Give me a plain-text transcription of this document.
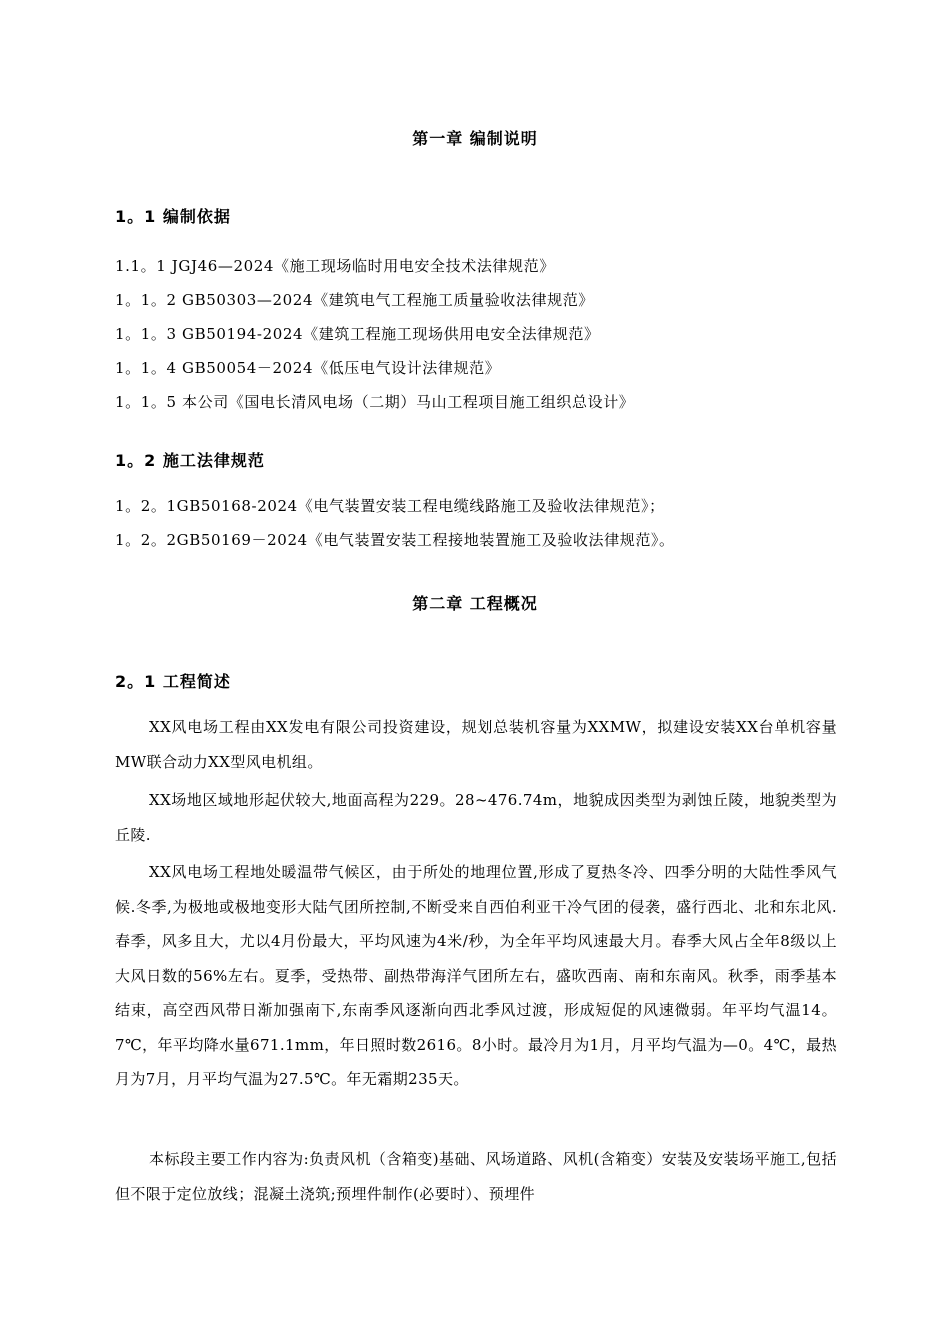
第一章 编制说明
1。1 编制依据

1.1。1 JGJ46—2024《施工现场临时用电安全技术法律规范》

1。1。2 GB50303—2024《建筑电气工程施工质量验收法律规范》

1。1。3 GB50194-2024《建筑工程施工现场供用电安全法律规范》

1。1。4 GB50054－2024《低压电气设计法律规范》

1。1。5 本公司《国电长清风电场（二期）马山工程项目施工组织总设计》

1。2 施工法律规范

1。2。1GB50168-2024《电气装置安装工程电缆线路施工及验收法律规范》；

1。2。2GB50169－2024《电气装置安装工程接地装置施工及验收法律规范》。

第二章 工程概况
2。1 工程简述

XX风电场工程由XX发电有限公司投资建设，规划总装机容量为XXMW，拟建设安装XX台单机容量MW联合动力XX型风电机组。

XX场地区域地形起伏较大,地面高程为229。28~476.74m，地貌成因类型为剥蚀丘陵，地貌类型为丘陵.

XX风电场工程地处暖温带气候区，由于所处的地理位置,形成了夏热冬冷、四季分明的大陆性季风气候.冬季,为极地或极地变形大陆气团所控制,不断受来自西伯利亚干冷气团的侵袭，盛行西北、北和东北风.春季，风多且大，尤以4月份最大，平均风速为4米/秒，为全年平均风速最大月。春季大风占全年8级以上大风日数的56%左右。夏季，受热带、副热带海洋气团所左右，盛吹西南、南和东南风。秋季，雨季基本结束，高空西风带日渐加强南下,东南季风逐渐向西北季风过渡，形成短促的风速微弱。年平均气温14。7℃，年平均降水量671.1mm，年日照时数2616。8小时。最冷月为1月，月平均气温为—0。4℃，最热月为7月，月平均气温为27.5℃。年无霜期235天。

本标段主要工作内容为:负责风机（含箱变)基础、风场道路、风机(含箱变）安装及安装场平施工,包括但不限于定位放线；混凝土浇筑;预埋件制作(必要时）、预埋件
